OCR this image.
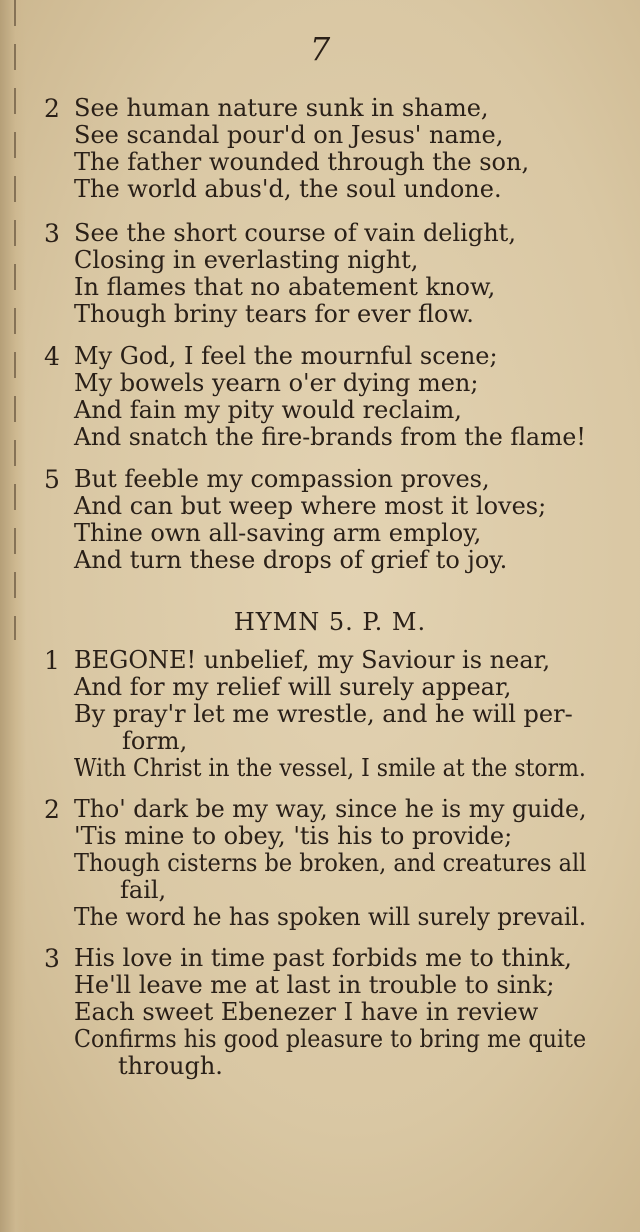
7
2 See human nature sunk in shame,
See scandal pour'd on Jesus' name,
The father wounded through the son,
The world abus'd, the soul undone.
3 See the short course of vain delight,
Closing in everlasting night,
In flames that no abatement know,
Though briny tears for ever flow.
4 My God, I feel the mournful scene;
My bowels yearn o'er dying men;
And fain my pity would reclaim,
And snatch the fire-brands from the flame!
5 But feeble my compassion proves,
And can but weep where most it loves;
Thine own all-saving arm employ,
And turn these drops of grief to joy.
HYMN 5. P. M.
1 BEGONE! unbelief, my Saviour is near,
And for my relief will surely appear,
By pray'r let me wrestle, and he will per-
form,
With Christ in the vessel, I smile at the storm.
2 Tho' dark be my way, since he is my guide,
'Tis mine to obey, 'tis his to provide;
Though cisterns be broken, and creatures all
fail,
The word he has spoken will surely prevail.
3 His love in time past forbids me to think,
He'll leave me at last in trouble to sink;
Each sweet Ebenezer I have in review
Confirms his good pleasure to bring me quite
through.
